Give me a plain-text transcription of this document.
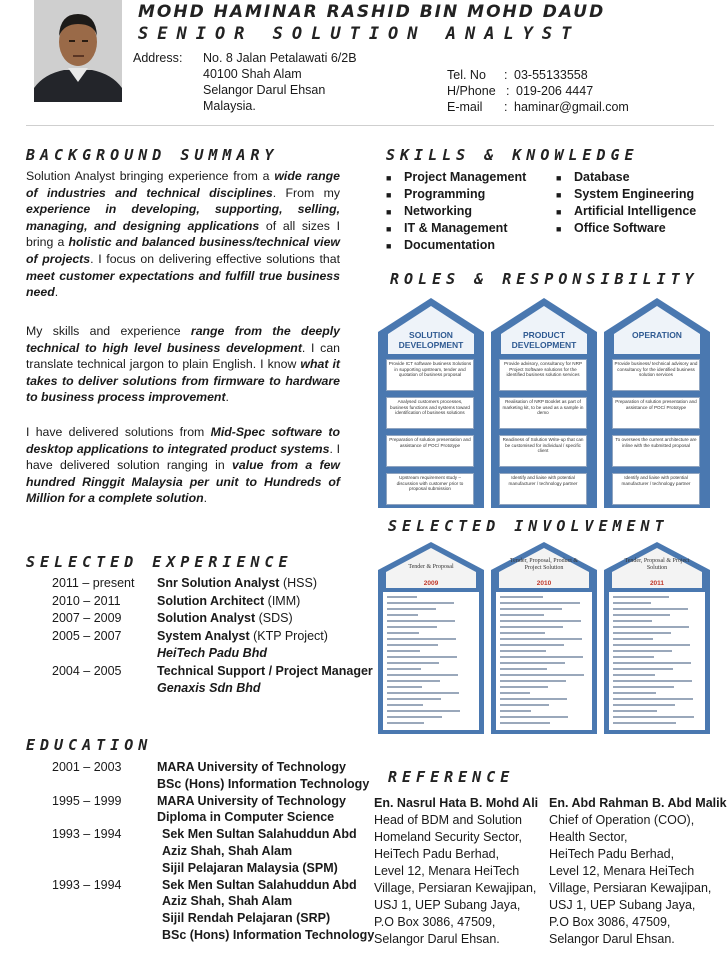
MOHD HAMINAR RASHID BIN MOHD DAUD
SENIOR SOLUTION ANALYST
Address : No. 8 Jalan Petalawati 6/2B
40100 Shah Alam
Selangor Darul Ehsan
Malaysia.
Tel. No : 03-55133558
H/Phone : 019-206 4447
E-mail : haminar@gmail.com
BACKGROUND SUMMARY
Solution Analyst bringing experience from a wide range of industries and technical disciplines. From my experience in developing, supporting, selling, managing, and designing applications of all sizes I bring a holistic and balanced business/technical view of projects. I focus on delivering effective solutions that meet customer expectations and fulfill true business need.
My skills and experience range from the deeply technical to high level business development. I can translate technical jargon to plain English. I know what it takes to deliver solutions from firmware to hardware to business process improvement.
I have delivered solutions from Mid-Spec software to desktop applications to integrated product systems. I have delivered solution ranging in value from a few hundred Ringgit Malaysia per unit to Hundreds of Million for a complete solution.
SELECTED EXPERIENCE
2011 – present	Snr Solution Analyst (HSS)
2010 – 2011	Solution Architect (IMM)
2007 – 2009	Solution Analyst (SDS)
2005 – 2007	System Analyst (KTP Project)
HeiTech Padu Bhd
2004 – 2005	Technical Support / Project Manager
Genaxis Sdn Bhd
EDUCATION
2001 – 2003	MARA University of Technology
BSc (Hons) Information Technology
1995 – 1999	MARA University of Technology
Diploma in Computer Science
1993 – 1994	Sek Men Sultan Salahuddun Abd
Aziz Shah, Shah Alam
Sijil Pelajaran Malaysia (SPM)
1993 – 1994	Sek Men Sultan Salahuddun Abd
Aziz Shah, Shah Alam
Sijil Rendah Pelajaran (SRP)
BSc (Hons) Information Technology
SKILLS & KNOWLEDGE
■ Project Management
■ Programming
■ Networking
■ IT & Management
■ Documentation
■ Database
■ System Engineering
■ Artificial Intelligence
■ Office Software
ROLES & RESPONSIBILITY
SOLUTION DEVELOPMENT
Provide ICT software business Solutions in supporting upstream, tender and quotation of business proposal
Analysed customers processes, business functions and systems toward identification of business solutions
Preparation of solution presentation and assistance of POC/ Prototype
Upstream requirement study – discussion with customer prior to proposal submission
PRODUCT DEVELOPMENT
Provide advisory, consultancy for NRP Project Software solutions for the identified business solution services
Realisation of NRP Booklet as part of marketing kit, to be used as a sample in demo
Readiness of Solution Write-up that can be customised for individual / specific client
Identify and liaise with potential manufacturer / technology partner
OPERATION
Provide business/ technical advisory and consultancy for the identified business solution services
Preparation of solution presentation and assistance of POC/ Prototype
To oversees the current architecture are inline with the submitted proposal
Identify and liaise with potential manufacturer / technology partner
SELECTED INVOLVEMENT
Tender & Proposal
2009
Tender, Proposal, Product & Project Solution
2010
Tender, Proposal & Project Solution
2011
REFERENCE
En. Nasrul Hata B. Mohd Ali
Head of BDM and Solution
Homeland Security Sector,
HeiTech Padu Berhad,
Level 12, Menara HeiTech
Village, Persiaran Kewajipan,
USJ 1, UEP Subang Jaya,
P.O Box 3086, 47509,
Selangor Darul Ehsan.
En. Abd Rahman B. Abd Malik
Chief of Operation (COO),
Health Sector,
HeiTech Padu Berhad,
Level 12, Menara HeiTech
Village, Persiaran Kewajipan,
USJ 1, UEP Subang Jaya,
P.O Box 3086, 47509,
Selangor Darul Ehsan.
